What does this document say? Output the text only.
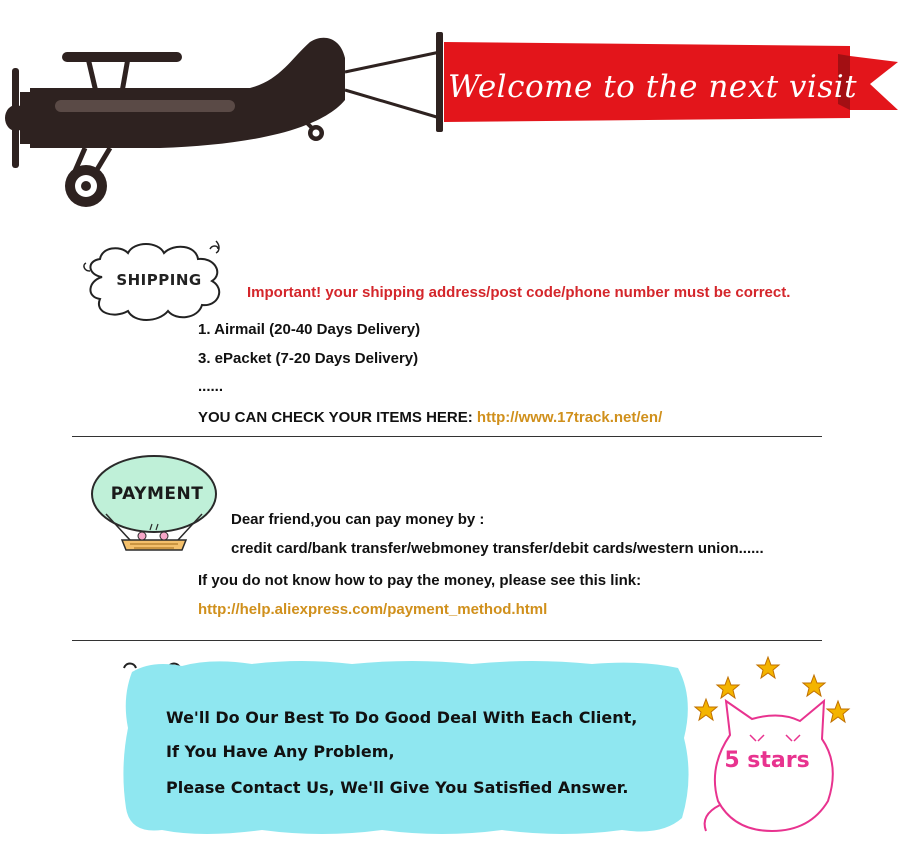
Welcome to the next visit
SHIPPING
Important! your shipping address/post code/phone number must be correct.
1. Airmail (20-40 Days Delivery)
3. ePacket (7-20 Days Delivery)
......
YOU CAN CHECK YOUR ITEMS HERE: http://www.17track.net/en/
PAYMENT
Dear friend,you can pay money by :
credit card/bank transfer/webmoney transfer/debit cards/western union......
If you do not know how to pay the money, please see this link:
http://help.aliexpress.com/payment_method.html
We'll Do Our Best To Do Good Deal With Each Client,
If You Have Any Problem,
Please Contact Us, We'll Give You Satisfied Answer.
5 stars
